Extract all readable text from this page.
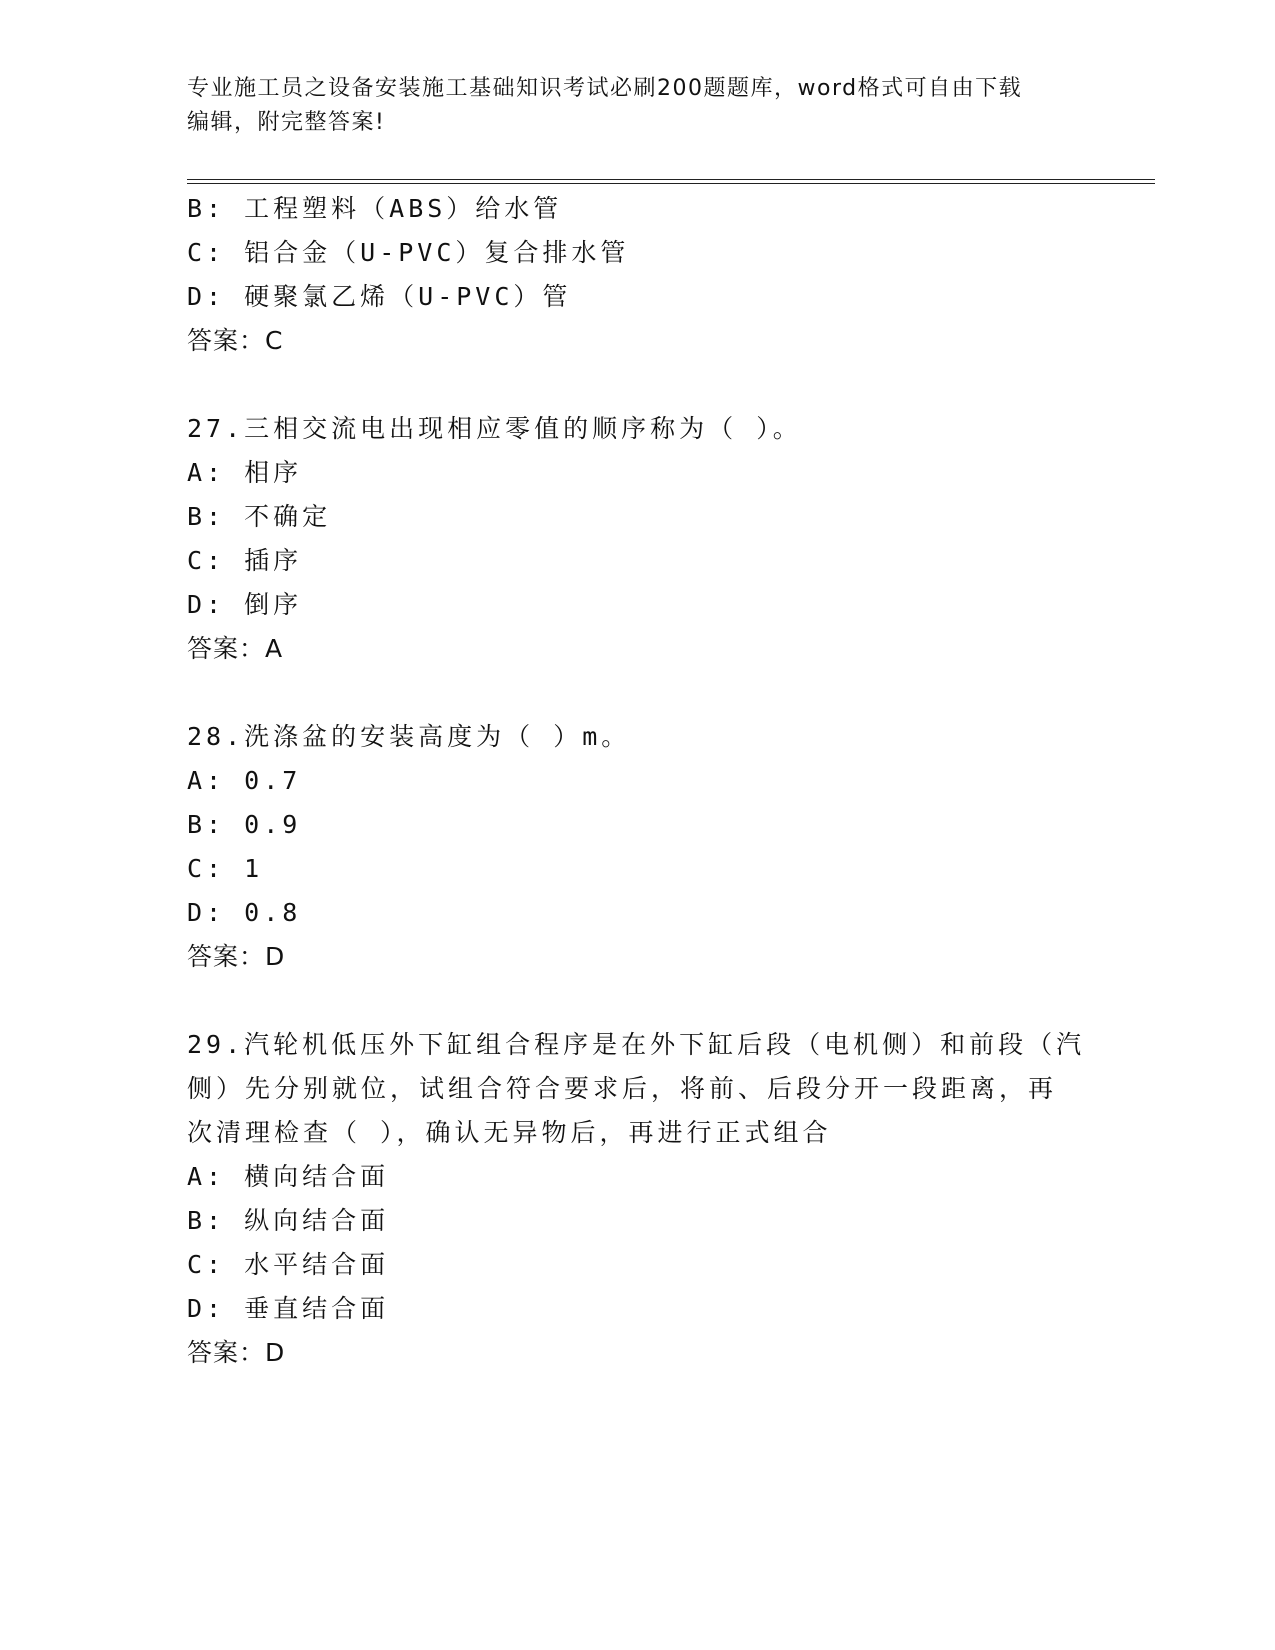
专业施工员之设备安装施工基础知识考试必刷200题题库，word格式可自由下载
编辑，附完整答案!
B: 工程塑料（ABS）给水管
C: 铝合金（U-PVC）复合排水管
D: 硬聚氯乙烯（U-PVC）管
答案：C
27.三相交流电出现相应零值的顺序称为（ ）。
A: 相序
B: 不确定
C: 插序
D: 倒序
答案：A
28.洗涤盆的安装高度为（ ）m。
A: 0.7
B: 0.9
C: 1
D: 0.8
答案：D
29.汽轮机低压外下缸组合程序是在外下缸后段（电机侧）和前段（汽
侧）先分别就位，试组合符合要求后，将前、后段分开一段距离，再
次清理检查（ ），确认无异物后，再进行正式组合
A: 横向结合面
B: 纵向结合面
C: 水平结合面
D: 垂直结合面
答案：D
